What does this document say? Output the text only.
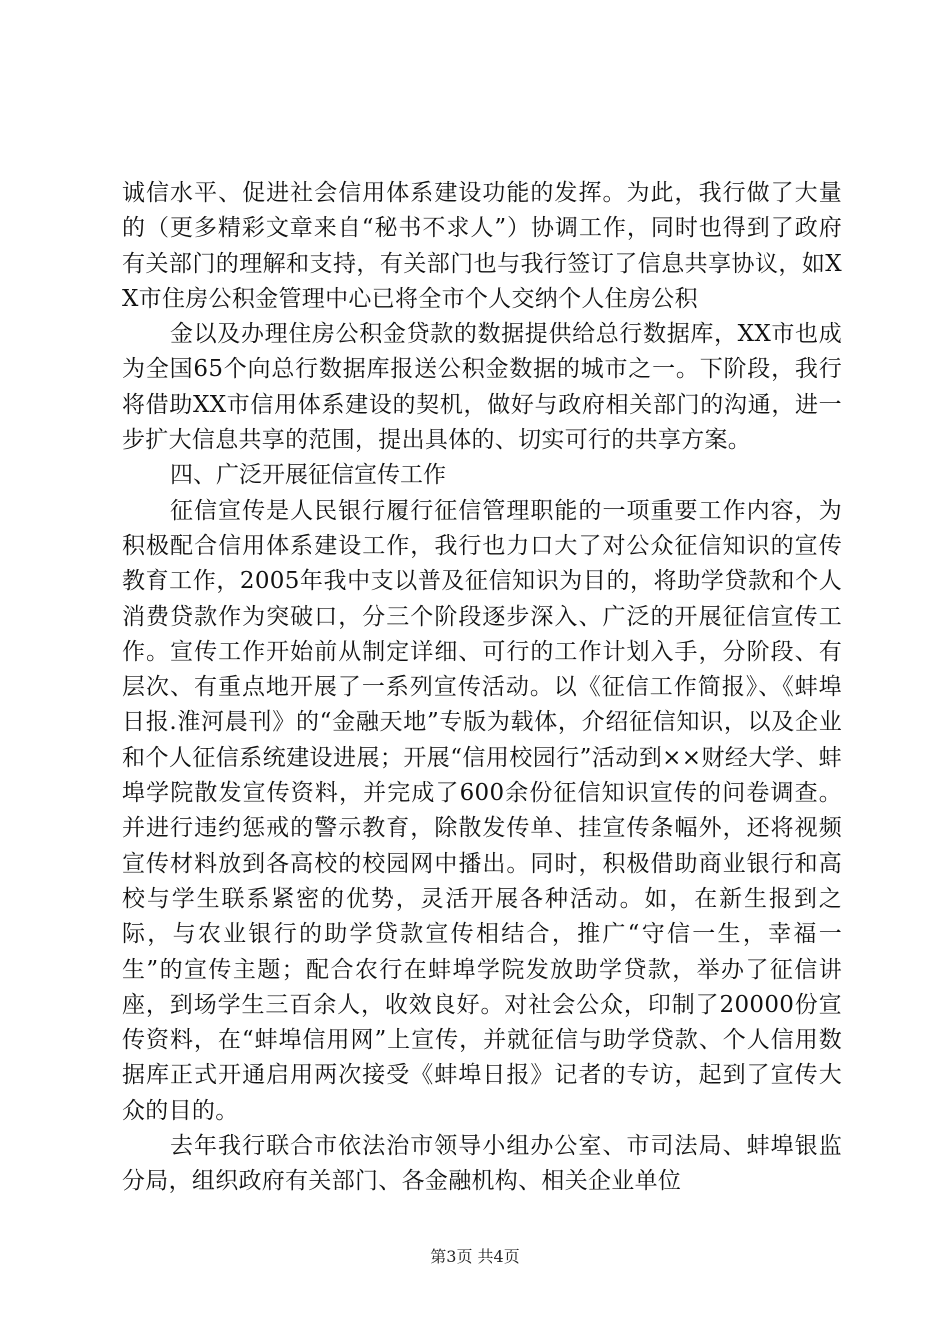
诚信水平、促进社会信用体系建设功能的发挥。为此，我行做了大量的（更多精彩文章来自“秘书不求人”）协调工作，同时也得到了政府有关部门的理解和支持，有关部门也与我行签订了信息共享协议，如XX市住房公积金管理中心已将全市个人交纳个人住房公积

金以及办理住房公积金贷款的数据提供给总行数据库，XX市也成为全国65个向总行数据库报送公积金数据的城市之一。下阶段，我行将借助XX市信用体系建设的契机，做好与政府相关部门的沟通，进一步扩大信息共享的范围，提出具体的、切实可行的共享方案。

四、广泛开展征信宣传工作

征信宣传是人民银行履行征信管理职能的一项重要工作内容，为积极配合信用体系建设工作，我行也力口大了对公众征信知识的宣传教育工作，2005年我中支以普及征信知识为目的，将助学贷款和个人消费贷款作为突破口，分三个阶段逐步深入、广泛的开展征信宣传工作。宣传工作开始前从制定详细、可行的工作计划入手，分阶段、有层次、有重点地开展了一系列宣传活动。以《征信工作简报》、《蚌埠日报.淮河晨刊》的“金融天地”专版为载体，介绍征信知识，以及企业和个人征信系统建设进展；开展“信用校园行”活动到××财经大学、蚌埠学院散发宣传资料，并完成了600余份征信知识宣传的问卷调查。并进行违约惩戒的警示教育，除散发传单、挂宣传条幅外，还将视频宣传材料放到各高校的校园网中播出。同时，积极借助商业银行和高校与学生联系紧密的优势，灵活开展各种活动。如，在新生报到之际，与农业银行的助学贷款宣传相结合，推广“守信一生，幸福一生”的宣传主题；配合农行在蚌埠学院发放助学贷款，举办了征信讲座，到场学生三百余人，收效良好。对社会公众，印制了20000份宣传资料，在“蚌埠信用网”上宣传，并就征信与助学贷款、个人信用数据库正式开通启用两次接受《蚌埠日报》记者的专访，起到了宣传大众的目的。

去年我行联合市依法治市领导小组办公室、市司法局、蚌埠银监分局，组织政府有关部门、各金融机构、相关企业单位

第3页 共4页
